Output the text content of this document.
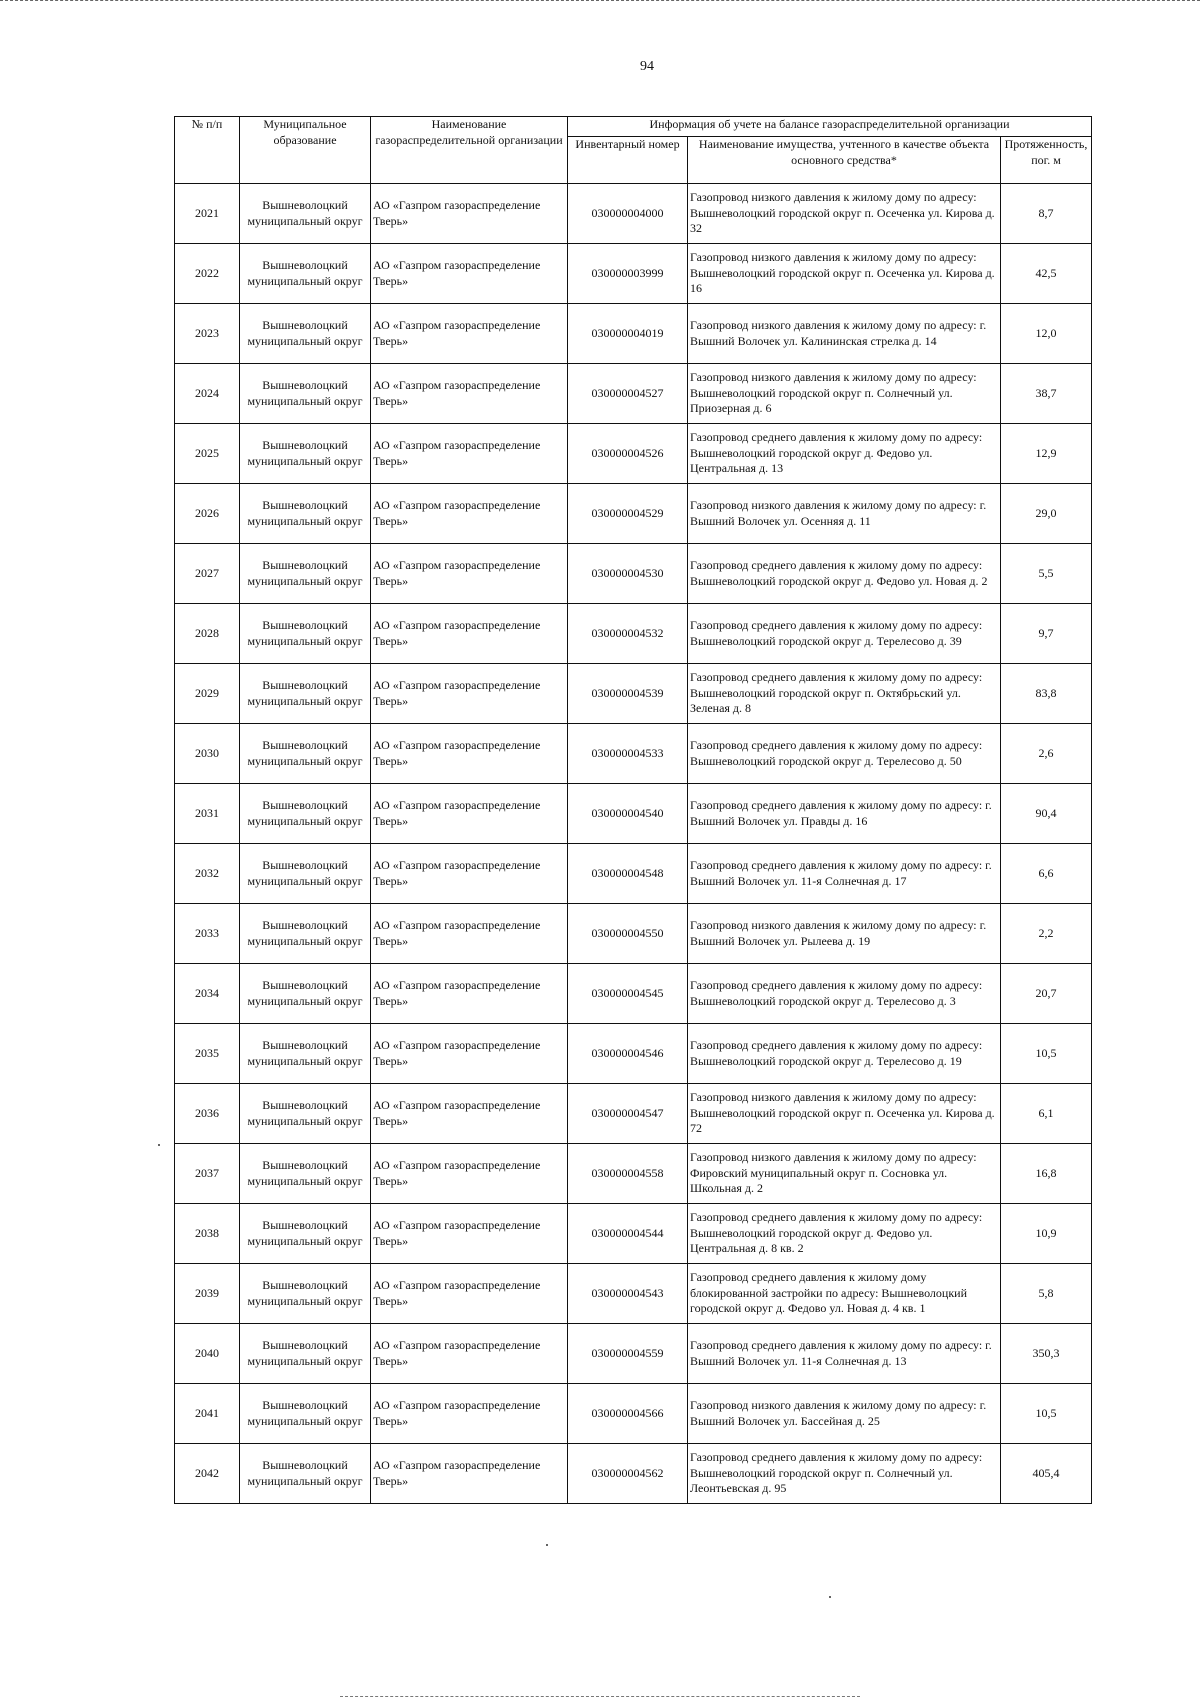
94
№ п/п	Муниципальное образование	Наименование газораспределительной организации	Информация об учете на балансе газораспределительной организации		
			Инвентарный номер	Наименование имущества, учтенного в качестве объекта основного средства*	Протяженность, пог. м
2021	Вышневолоцкий муниципальный округ	АО «Газпром газораспределение Тверь»	030000004000	Газопровод низкого давления к жилому дому по адресу: Вышневолоцкий городской округ п. Осеченка ул. Кирова д. 32	8,7
2022	Вышневолоцкий муниципальный округ	АО «Газпром газораспределение Тверь»	030000003999	Газопровод низкого давления к жилому дому по адресу: Вышневолоцкий городской округ п. Осеченка ул. Кирова д. 16	42,5
2023	Вышневолоцкий муниципальный округ	АО «Газпром газораспределение Тверь»	030000004019	Газопровод низкого давления к жилому дому по адресу: г. Вышний Волочек ул. Калининская стрелка д. 14	12,0
2024	Вышневолоцкий муниципальный округ	АО «Газпром газораспределение Тверь»	030000004527	Газопровод низкого давления к жилому дому по адресу: Вышневолоцкий городской округ п. Солнечный ул. Приозерная д. 6	38,7
2025	Вышневолоцкий муниципальный округ	АО «Газпром газораспределение Тверь»	030000004526	Газопровод среднего давления к жилому дому по адресу: Вышневолоцкий городской округ д. Федово ул. Центральная д. 13	12,9
2026	Вышневолоцкий муниципальный округ	АО «Газпром газораспределение Тверь»	030000004529	Газопровод низкого давления к жилому дому по адресу: г. Вышний Волочек ул. Осенняя д. 11	29,0
2027	Вышневолоцкий муниципальный округ	АО «Газпром газораспределение Тверь»	030000004530	Газопровод среднего давления к жилому дому по адресу: Вышневолоцкий городской округ д. Федово ул. Новая д. 2	5,5
2028	Вышневолоцкий муниципальный округ	АО «Газпром газораспределение Тверь»	030000004532	Газопровод среднего давления к жилому дому по адресу: Вышневолоцкий городской округ д. Терелесово д. 39	9,7
2029	Вышневолоцкий муниципальный округ	АО «Газпром газораспределение Тверь»	030000004539	Газопровод среднего давления к жилому дому по адресу: Вышневолоцкий городской округ п. Октябрьский ул. Зеленая д. 8	83,8
2030	Вышневолоцкий муниципальный округ	АО «Газпром газораспределение Тверь»	030000004533	Газопровод среднего давления к жилому дому по адресу: Вышневолоцкий городской округ д. Терелесово д. 50	2,6
2031	Вышневолоцкий муниципальный округ	АО «Газпром газораспределение Тверь»	030000004540	Газопровод среднего давления к жилому дому по адресу: г. Вышний Волочек ул. Правды д. 16	90,4
2032	Вышневолоцкий муниципальный округ	АО «Газпром газораспределение Тверь»	030000004548	Газопровод среднего давления к жилому дому по адресу: г. Вышний Волочек ул. 11-я Солнечная д. 17	6,6
2033	Вышневолоцкий муниципальный округ	АО «Газпром газораспределение Тверь»	030000004550	Газопровод низкого давления к жилому дому по адресу: г. Вышний Волочек ул. Рылеева д. 19	2,2
2034	Вышневолоцкий муниципальный округ	АО «Газпром газораспределение Тверь»	030000004545	Газопровод среднего давления к жилому дому по адресу: Вышневолоцкий городской округ д. Терелесово д. 3	20,7
2035	Вышневолоцкий муниципальный округ	АО «Газпром газораспределение Тверь»	030000004546	Газопровод среднего давления к жилому дому по адресу: Вышневолоцкий городской округ д. Терелесово д. 19	10,5
2036	Вышневолоцкий муниципальный округ	АО «Газпром газораспределение Тверь»	030000004547	Газопровод низкого давления к жилому дому по адресу: Вышневолоцкий городской округ п. Осеченка ул. Кирова д. 72	6,1
2037	Вышневолоцкий муниципальный округ	АО «Газпром газораспределение Тверь»	030000004558	Газопровод низкого давления к жилому дому по адресу: Фировский муниципальный округ п. Сосновка ул. Школьная д. 2	16,8
2038	Вышневолоцкий муниципальный округ	АО «Газпром газораспределение Тверь»	030000004544	Газопровод среднего давления к жилому дому по адресу: Вышневолоцкий городской округ д. Федово ул. Центральная д. 8 кв. 2	10,9
2039	Вышневолоцкий муниципальный округ	АО «Газпром газораспределение Тверь»	030000004543	Газопровод среднего давления к жилому дому блокированной застройки по адресу: Вышневолоцкий городской округ д. Федово ул. Новая д. 4 кв. 1	5,8
2040	Вышневолоцкий муниципальный округ	АО «Газпром газораспределение Тверь»	030000004559	Газопровод среднего давления к жилому дому по адресу: г. Вышний Волочек ул. 11-я Солнечная д. 13	350,3
2041	Вышневолоцкий муниципальный округ	АО «Газпром газораспределение Тверь»	030000004566	Газопровод низкого давления к жилому дому по адресу: г. Вышний Волочек ул. Бассейная д. 25	10,5
2042	Вышневолоцкий муниципальный округ	АО «Газпром газораспределение Тверь»	030000004562	Газопровод среднего давления к жилому дому по адресу: Вышневолоцкий городской округ п. Солнечный ул. Леонтьевская д. 95	405,4
